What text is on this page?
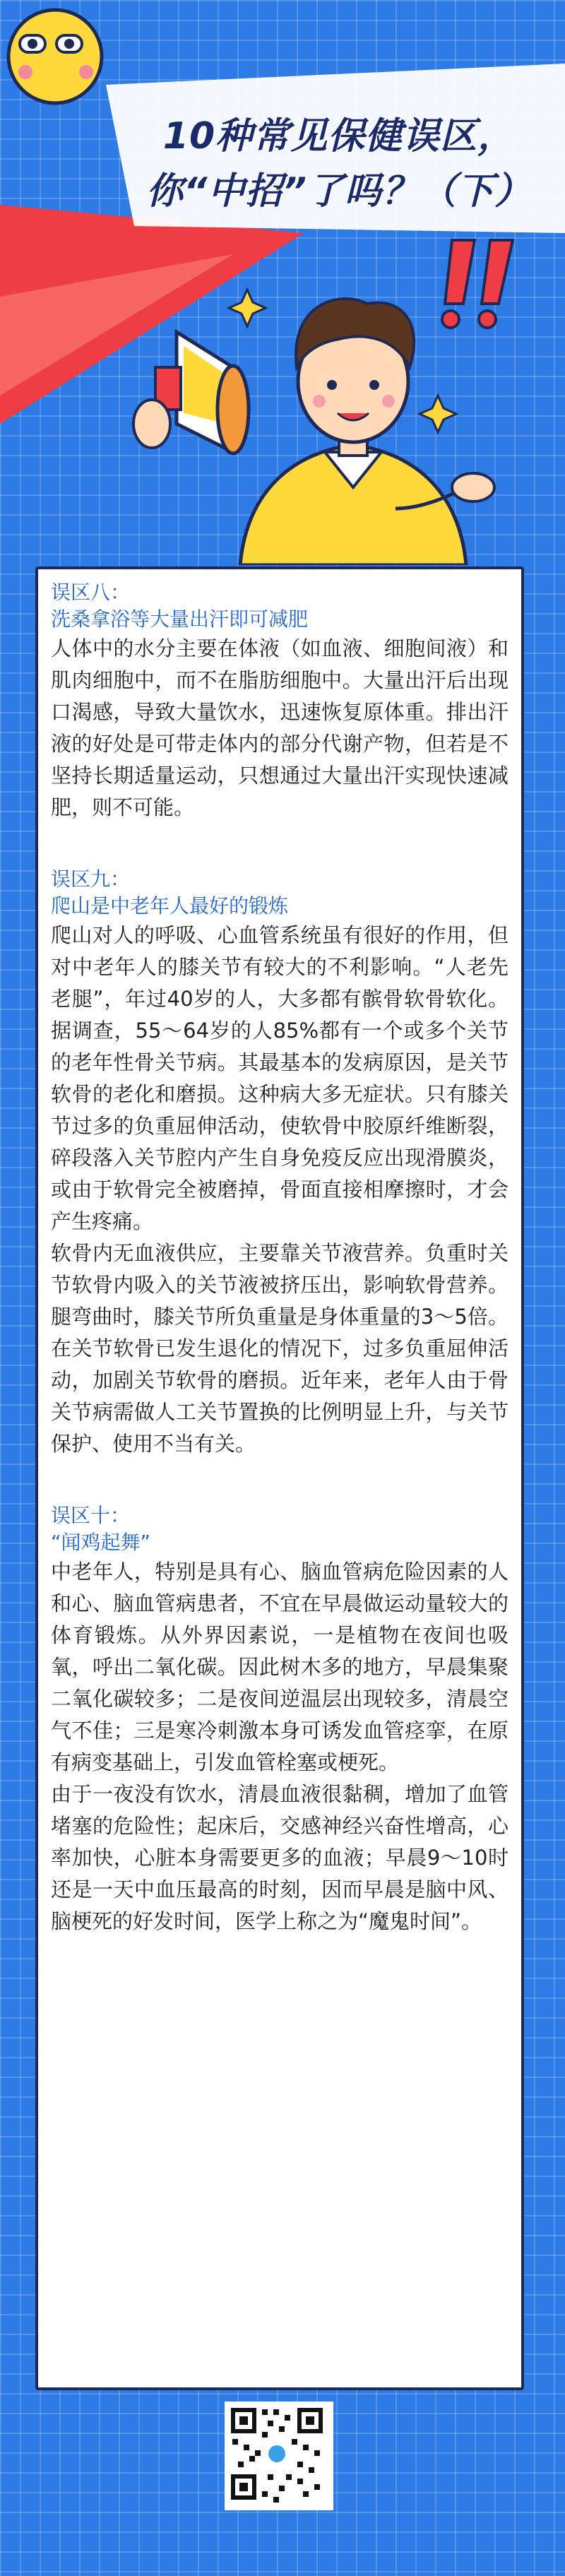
10种常见保健误区，
你“中招”了吗？（下）
误区八：
洗桑拿浴等大量出汗即可减肥

人体中的水分主要在体液（如血液、细胞间液）和肌肉细胞中，而不在脂肪细胞中。大量出汗后出现口渴感，导致大量饮水，迅速恢复原体重。排出汗液的好处是可带走体内的部分代谢产物，但若是不坚持长期适量运动，只想通过大量出汗实现快速减肥，则不可能。

误区九：
爬山是中老年人最好的锻炼

爬山对人的呼吸、心血管系统虽有很好的作用，但对中老年人的膝关节有较大的不利影响。“人老先老腿”，年过40岁的人，大多都有髌骨软骨软化。据调查，55～64岁的人85%都有一个或多个关节的老年性骨关节病。其最基本的发病原因，是关节软骨的老化和磨损。这种病大多无症状。只有膝关节过多的负重屈伸活动，使软骨中胶原纤维断裂，碎段落入关节腔内产生自身免疫反应出现滑膜炎，或由于软骨完全被磨掉，骨面直接相摩擦时，才会产生疼痛。

软骨内无血液供应，主要靠关节液营养。负重时关节软骨内吸入的关节液被挤压出，影响软骨营养。腿弯曲时，膝关节所负重量是身体重量的3～5倍。在关节软骨已发生退化的情况下，过多负重屈伸活动，加剧关节软骨的磨损。近年来，老年人由于骨关节病需做人工关节置换的比例明显上升，与关节保护、使用不当有关。

误区十：
“闻鸡起舞”

中老年人，特别是具有心、脑血管病危险因素的人和心、脑血管病患者，不宜在早晨做运动量较大的体育锻炼。从外界因素说，一是植物在夜间也吸氧，呼出二氧化碳。因此树木多的地方，早晨集聚二氧化碳较多；二是夜间逆温层出现较多，清晨空气不佳；三是寒冷刺激本身可诱发血管痉挛，在原有病变基础上，引发血管栓塞或梗死。

由于一夜没有饮水，清晨血液很黏稠，增加了血管堵塞的危险性；起床后，交感神经兴奋性增高，心率加快，心脏本身需要更多的血液；早晨9～10时还是一天中血压最高的时刻，因而早晨是脑中风、脑梗死的好发时间，医学上称之为“魔鬼时间”。
